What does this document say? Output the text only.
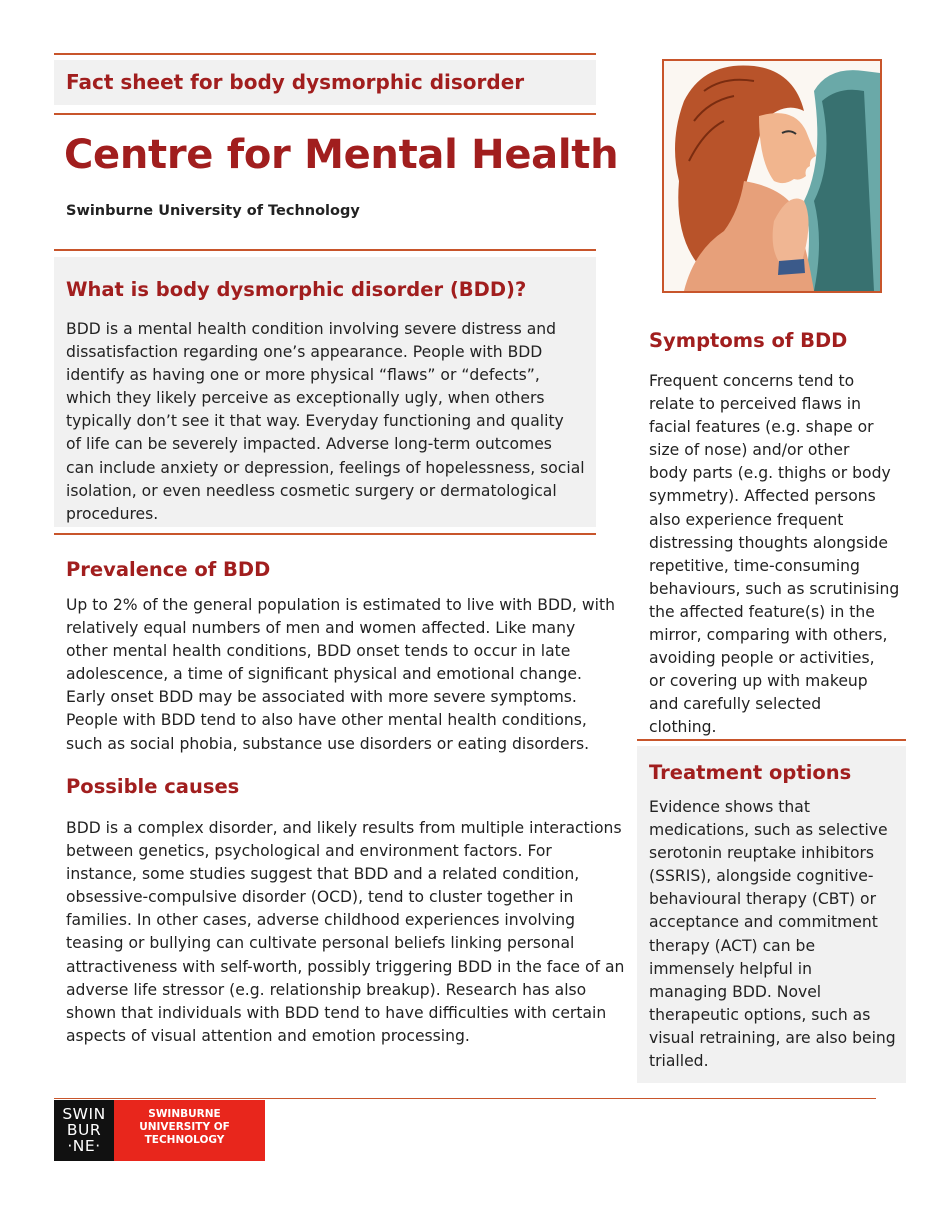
Fact sheet for body dysmorphic disorder
Centre for Mental Health
Swinburne University of Technology
What is body dysmorphic disorder (BDD)?
BDD is a mental health condition involving severe distress and
dissatisfaction regarding one’s appearance. People with BDD
identify as having one or more physical “flaws” or “defects”,
which they likely perceive as exceptionally ugly, when others
typically don’t see it that way. Everyday functioning and quality
of life can be severely impacted. Adverse long-term outcomes
can include anxiety or depression, feelings of hopelessness, social
isolation, or even needless cosmetic surgery or dermatological
procedures.
Prevalence of BDD
Up to 2% of the general population is estimated to live with BDD, with
relatively equal numbers of men and women affected. Like many
other mental health conditions, BDD onset tends to occur in late
adolescence, a time of significant physical and emotional change.
Early onset BDD may be associated with more severe symptoms.
People with BDD tend to also have other mental health conditions,
such as social phobia, substance use disorders or eating disorders.
Possible causes
BDD is a complex disorder, and likely results from multiple interactions
between genetics, psychological and environment factors. For
instance, some studies suggest that BDD and a related condition,
obsessive-compulsive disorder (OCD), tend to cluster together in
families. In other cases, adverse childhood experiences involving
teasing or bullying can cultivate personal beliefs linking personal
attractiveness with self-worth, possibly triggering BDD in the face of an
adverse life stressor (e.g. relationship breakup). Research has also
shown that individuals with BDD tend to have difficulties with certain
aspects of visual attention and emotion processing.
Symptoms of BDD
Frequent concerns tend to
relate to perceived flaws in
facial features (e.g. shape or
size of nose) and/or other
body parts (e.g. thighs or body
symmetry). Affected persons
also experience frequent
distressing thoughts alongside
repetitive, time-consuming
behaviours, such as scrutinising
the affected feature(s) in the
mirror, comparing with others,
avoiding people or activities,
or covering up with makeup
and carefully selected
clothing.
Treatment options
Evidence shows that
medications, such as selective
serotonin reuptake inhibitors
(SSRIS), alongside cognitive-
behavioural therapy (CBT) or
acceptance and commitment
therapy (ACT) can be
immensely helpful in
managing BDD. Novel
therapeutic options, such as
visual retraining, are also being
trialled.
SWIN
BUR
·NE·
SWINBURNE
UNIVERSITY OF
TECHNOLOGY
